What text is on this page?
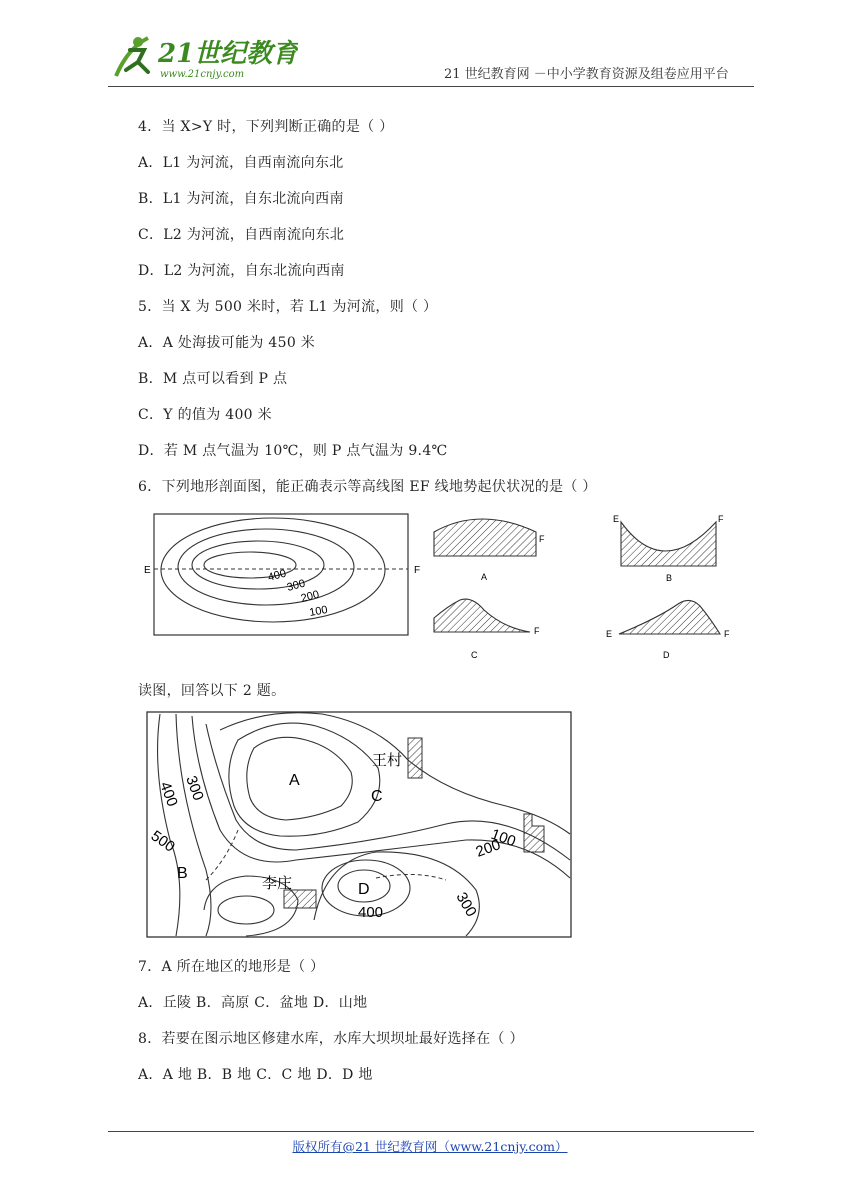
21世纪教育
www.21cnjy.com	21 世纪教育网 －中小学教育资源及组卷应用平台
4．当 X>Y 时，下列判断正确的是（ ）
A．L1 为河流，自西南流向东北
B．L1 为河流，自东北流向西南
C．L2 为河流，自西南流向东北
D．L2 为河流，自东北流向西南
5．当 X 为 500 米时，若 L1 为河流，则（ ）
A．A 处海拔可能为 450 米
B．M 点可以看到 P 点
C．Y 的值为 400 米
D．若 M 点气温为 10℃，则 P 点气温为 9.4℃
6．下列地形剖面图，能正确表示等高线图 EF 线地势起伏状况的是（ ）
E	F
400
300
200
100
F
A
E	F
B
F
C
E	F
D
读图，回答以下 2 题。
王村
李庄
A
B
C
D
300
400
500	100
200
300
400
7．A 所在地区的地形是（ ）
A．丘陵 B．高原 C．盆地 D．山地
8．若要在图示地区修建水库，水库大坝坝址最好选择在（ ）
A．A 地 B．B 地 C．C 地 D．D 地
版权所有@21 世纪教育网（www.21cnjy.com）
